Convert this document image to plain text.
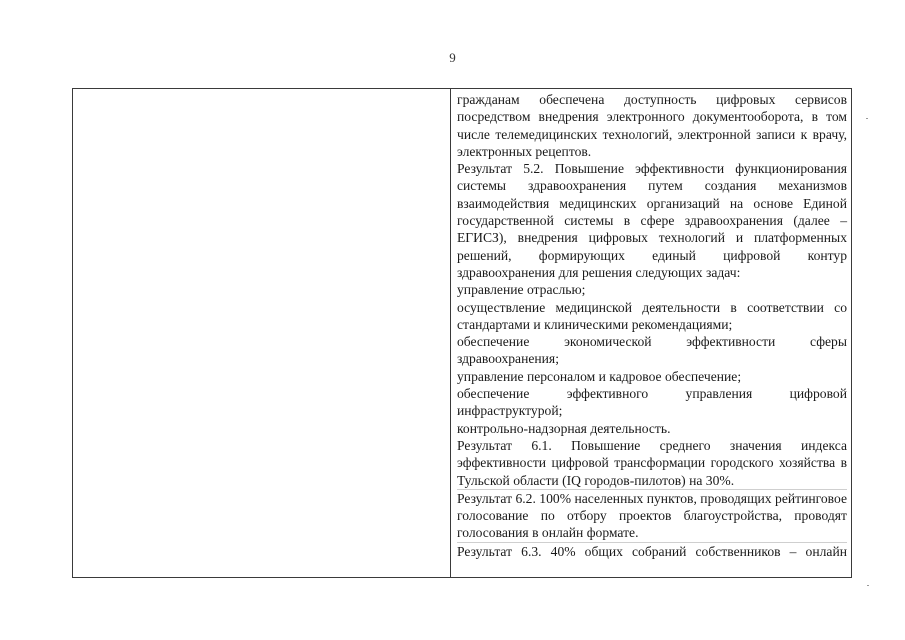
9

гражданам обеспечена доступность цифровых сервисов посредством внедрения электронного документооборота, в том числе телемедицинских технологий, электронной записи к врачу, электронных рецептов.

Результат 5.2. Повышение эффективности функционирования системы здравоохранения путем создания механизмов взаимодействия медицинских организаций на основе Единой государственной системы в сфере здравоохранения (далее – ЕГИСЗ), внедрения цифровых технологий и платформенных решений, формирующих единый цифровой контур здравоохранения для решения следующих задач:

управление отраслью;

осуществление медицинской деятельности в соответствии со стандартами и клиническими рекомендациями;

обеспечение экономической эффективности сферы здравоохранения;

управление персоналом и кадровое обеспечение;

обеспечение эффективного управления цифровой инфраструктурой;

контрольно-надзорная деятельность.

Результат 6.1. Повышение среднего значения индекса эффективности цифровой трансформации городского хозяйства в Тульской области (IQ городов-пилотов) на 30%.

Результат 6.2. 100% населенных пунктов, проводящих рейтинговое голосование по отбору проектов благоустройства, проводят голосования в онлайн формате.

Результат 6.3. 40% общих собраний собственников – онлайн
